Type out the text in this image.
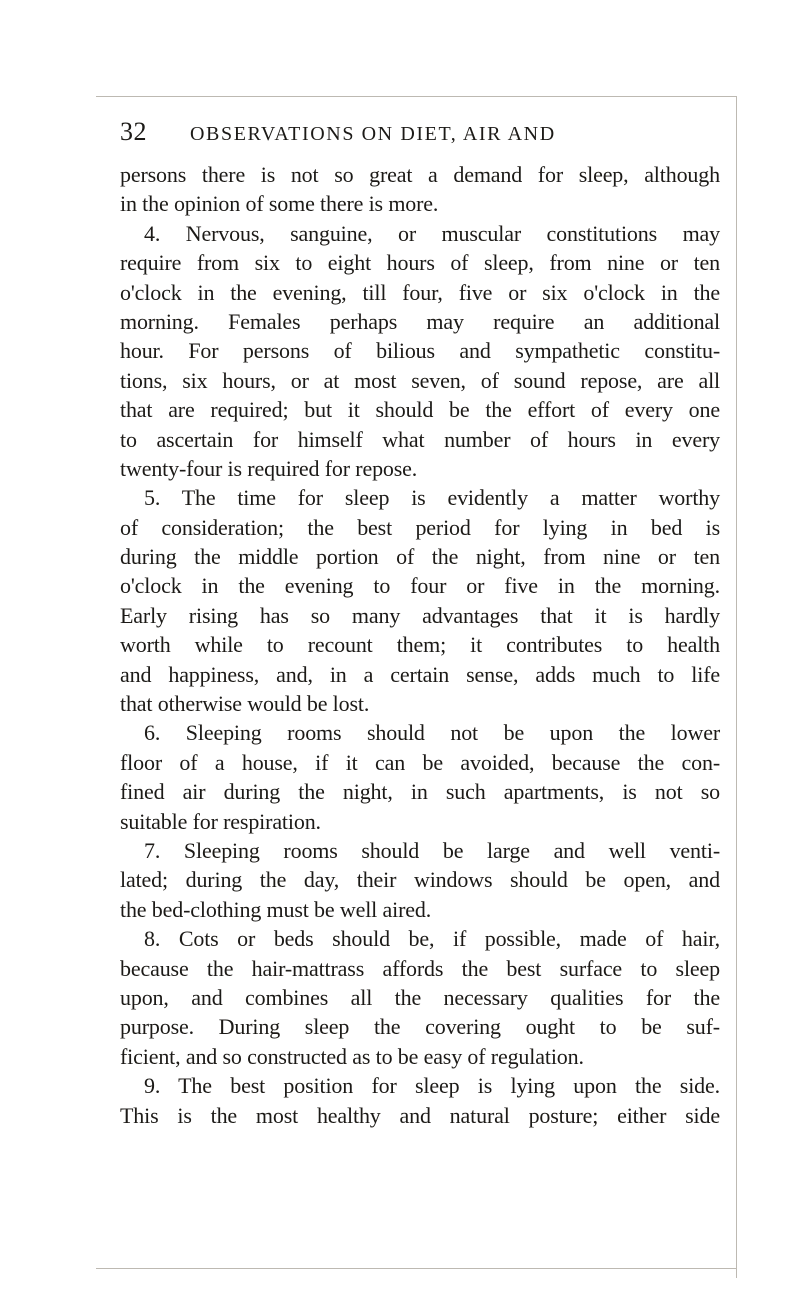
32 OBSERVATIONS ON DIET, AIR AND
persons there is not so great a demand for sleep, although
in the opinion of some there is more.
4. Nervous, sanguine, or muscular constitutions may
require from six to eight hours of sleep, from nine or ten
o'clock in the evening, till four, five or six o'clock in the
morning. Females perhaps may require an additional
hour. For persons of bilious and sympathetic constitu-
tions, six hours, or at most seven, of sound repose, are all
that are required; but it should be the effort of every one
to ascertain for himself what number of hours in every
twenty-four is required for repose.
5. The time for sleep is evidently a matter worthy
of consideration; the best period for lying in bed is
during the middle portion of the night, from nine or ten
o'clock in the evening to four or five in the morning.
Early rising has so many advantages that it is hardly
worth while to recount them; it contributes to health
and happiness, and, in a certain sense, adds much to life
that otherwise would be lost.
6. Sleeping rooms should not be upon the lower
floor of a house, if it can be avoided, because the con-
fined air during the night, in such apartments, is not so
suitable for respiration.
7. Sleeping rooms should be large and well venti-
lated; during the day, their windows should be open, and
the bed-clothing must be well aired.
8. Cots or beds should be, if possible, made of hair,
because the hair-mattrass affords the best surface to sleep
upon, and combines all the necessary qualities for the
purpose. During sleep the covering ought to be suf-
ficient, and so constructed as to be easy of regulation.
9. The best position for sleep is lying upon the side.
This is the most healthy and natural posture; either side
